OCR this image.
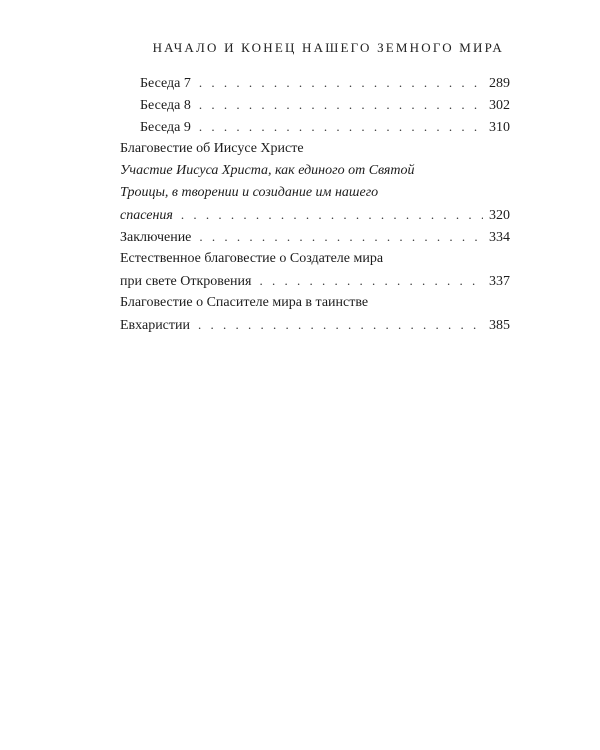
НАЧАЛО И КОНЕЦ НАШЕГО ЗЕМНОГО МИРА
Беседа 7 . . .	289
Беседа 8 . . .	302
Беседа 9 . . .	310
Благовестие об Иисусе Христе
Участие Иисуса Христа, как единого от Святой
Троицы, в творении и созидание им нашего
спасения . . .	320
Заключение . . .	334
Естественное благовестие о Создателе мира
при свете Откровения . . .	337
Благовестие о Спасителе мира в таинстве
Евхаристии . . .	385
